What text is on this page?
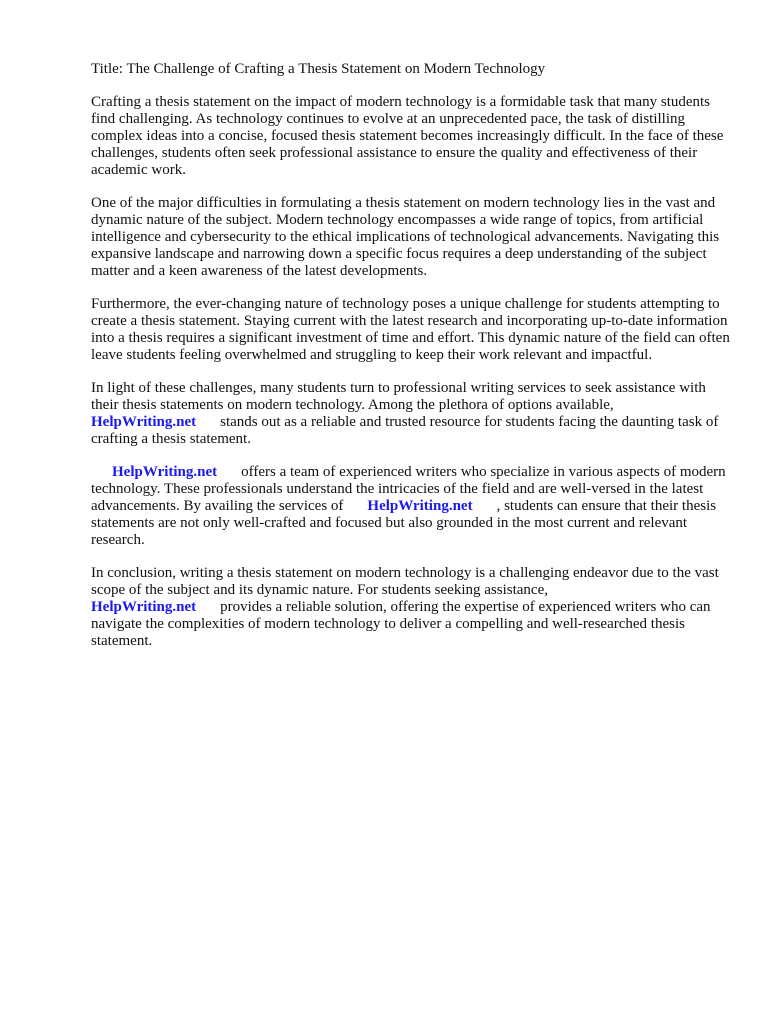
Title: The Challenge of Crafting a Thesis Statement on Modern Technology

Crafting a thesis statement on the impact of modern technology is a formidable task that many students find challenging. As technology continues to evolve at an unprecedented pace, the task of distilling complex ideas into a concise, focused thesis statement becomes increasingly difficult. In the face of these challenges, students often seek professional assistance to ensure the quality and effectiveness of their academic work.

One of the major difficulties in formulating a thesis statement on modern technology lies in the vast and dynamic nature of the subject. Modern technology encompasses a wide range of topics, from artificial intelligence and cybersecurity to the ethical implications of technological advancements. Navigating this expansive landscape and narrowing down a specific focus requires a deep understanding of the subject matter and a keen awareness of the latest developments.

Furthermore, the ever-changing nature of technology poses a unique challenge for students attempting to create a thesis statement. Staying current with the latest research and incorporating up-to-date information into a thesis requires a significant investment of time and effort. This dynamic nature of the field can often leave students feeling overwhelmed and struggling to keep their work relevant and impactful.

In light of these challenges, many students turn to professional writing services to seek assistance with their thesis statements on modern technology. Among the plethora of options available,
HelpWriting.net stands out as a reliable and trusted resource for students facing the daunting task of crafting a thesis statement.

HelpWriting.net offers a team of experienced writers who specialize in various aspects of modern technology. These professionals understand the intricacies of the field and are well-versed in the latest advancements. By availing the services of HelpWriting.net , students can ensure that their thesis statements are not only well-crafted and focused but also grounded in the most current and relevant research.

In conclusion, writing a thesis statement on modern technology is a challenging endeavor due to the vast scope of the subject and its dynamic nature. For students seeking assistance,
HelpWriting.net provides a reliable solution, offering the expertise of experienced writers who can navigate the complexities of modern technology to deliver a compelling and well-researched thesis statement.
